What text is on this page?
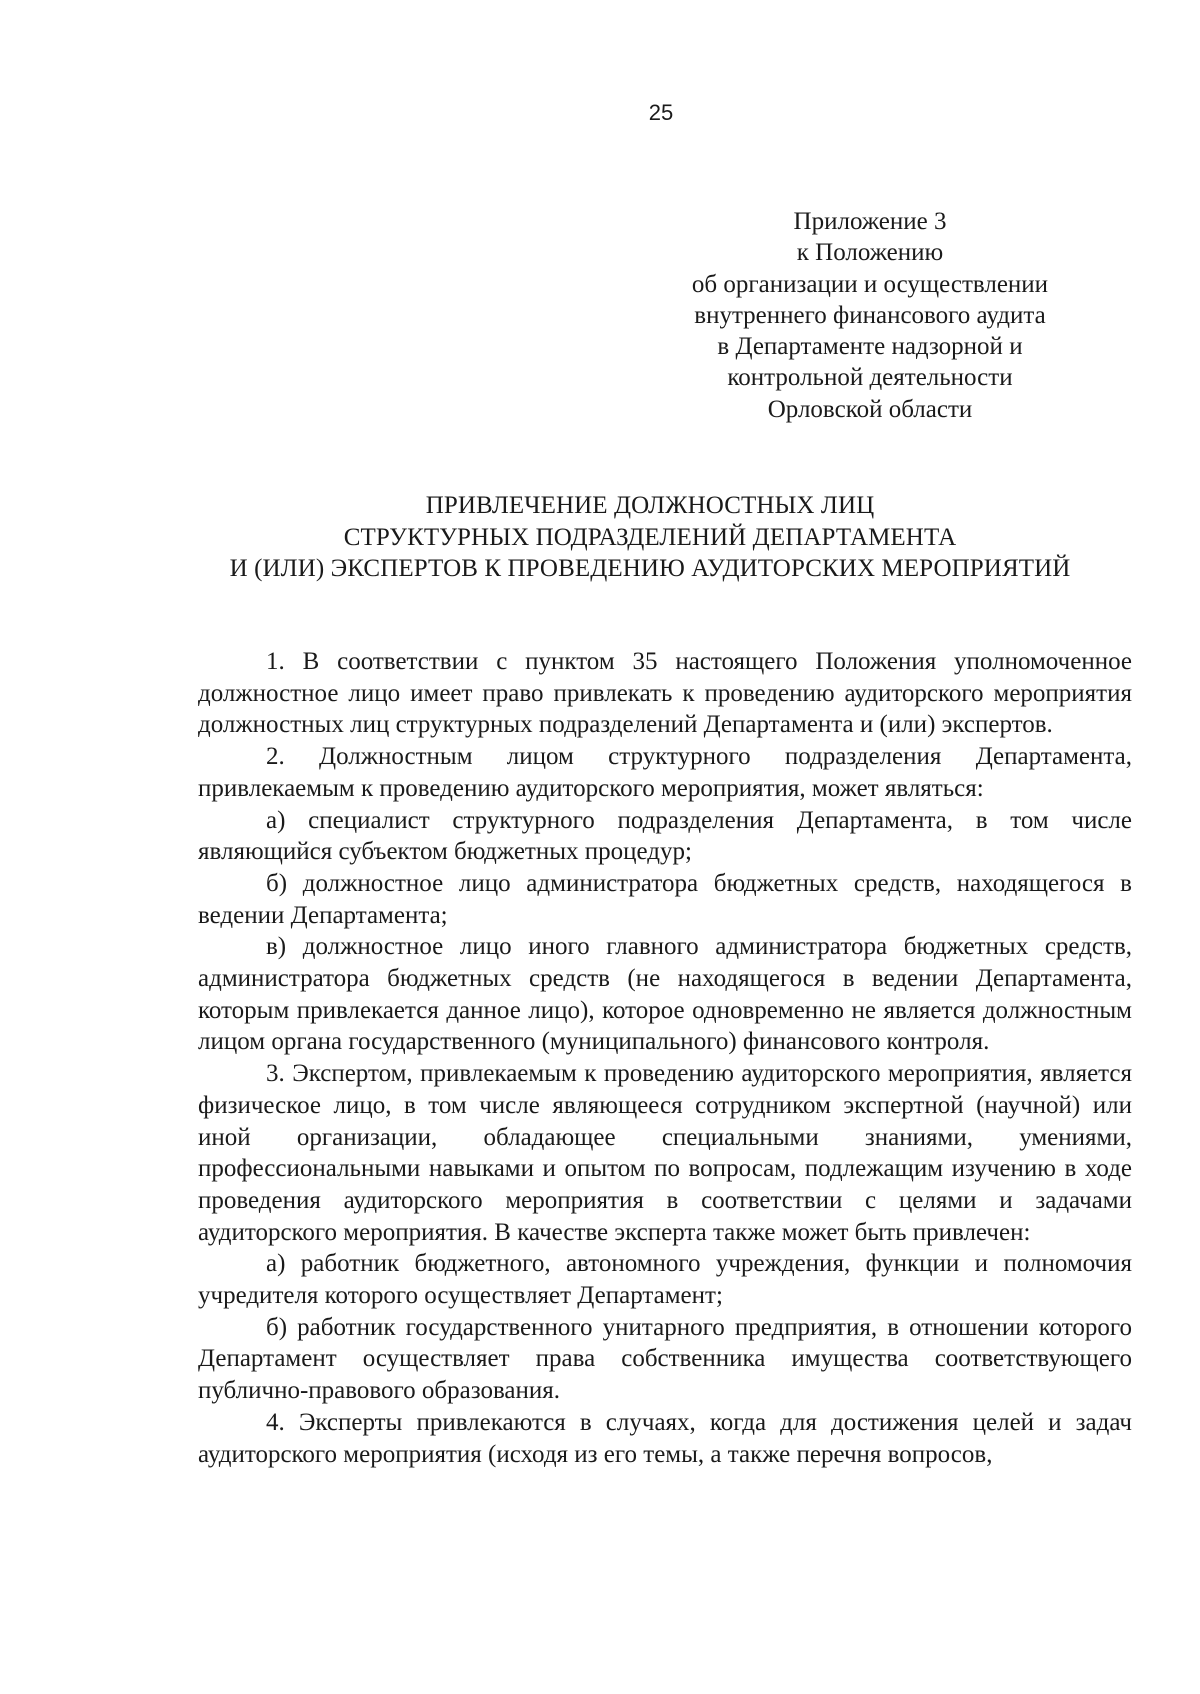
25
Приложение 3
к Положению
об организации и осуществлении
внутреннего финансового аудита
в Департаменте надзорной и
контрольной деятельности
Орловской области
ПРИВЛЕЧЕНИЕ ДОЛЖНОСТНЫХ ЛИЦ
СТРУКТУРНЫХ ПОДРАЗДЕЛЕНИЙ ДЕПАРТАМЕНТА
И (ИЛИ) ЭКСПЕРТОВ К ПРОВЕДЕНИЮ АУДИТОРСКИХ МЕРОПРИЯТИЙ

1. В соответствии с пунктом 35 настоящего Положения уполномоченное должностное лицо имеет право привлекать к проведению аудиторского мероприятия должностных лиц структурных подразделений Департамента и (или) экспертов.

2. Должностным лицом структурного подразделения Департамента, привлекаемым к проведению аудиторского мероприятия, может являться:

а) специалист структурного подразделения Департамента, в том числе являющийся субъектом бюджетных процедур;

б) должностное лицо администратора бюджетных средств, находящегося в ведении Департамента;

в) должностное лицо иного главного администратора бюджетных средств, администратора бюджетных средств (не находящегося в ведении Департамента, которым привлекается данное лицо), которое одновременно не является должностным лицом органа государственного (муниципального) финансового контроля.

3. Экспертом, привлекаемым к проведению аудиторского мероприятия, является физическое лицо, в том числе являющееся сотрудником экспертной (научной) или иной организации, обладающее специальными знаниями, умениями, профессиональными навыками и опытом по вопросам, подлежащим изучению в ходе проведения аудиторского мероприятия в соответствии с целями и задачами аудиторского мероприятия. В качестве эксперта также может быть привлечен:

а) работник бюджетного, автономного учреждения, функции и полномочия учредителя которого осуществляет Департамент;

б) работник государственного унитарного предприятия, в отношении которого Департамент осуществляет права собственника имущества соответствующего публично-правового образования.

4. Эксперты привлекаются в случаях, когда для достижения целей и задач аудиторского мероприятия (исходя из его темы, а также перечня вопросов,
